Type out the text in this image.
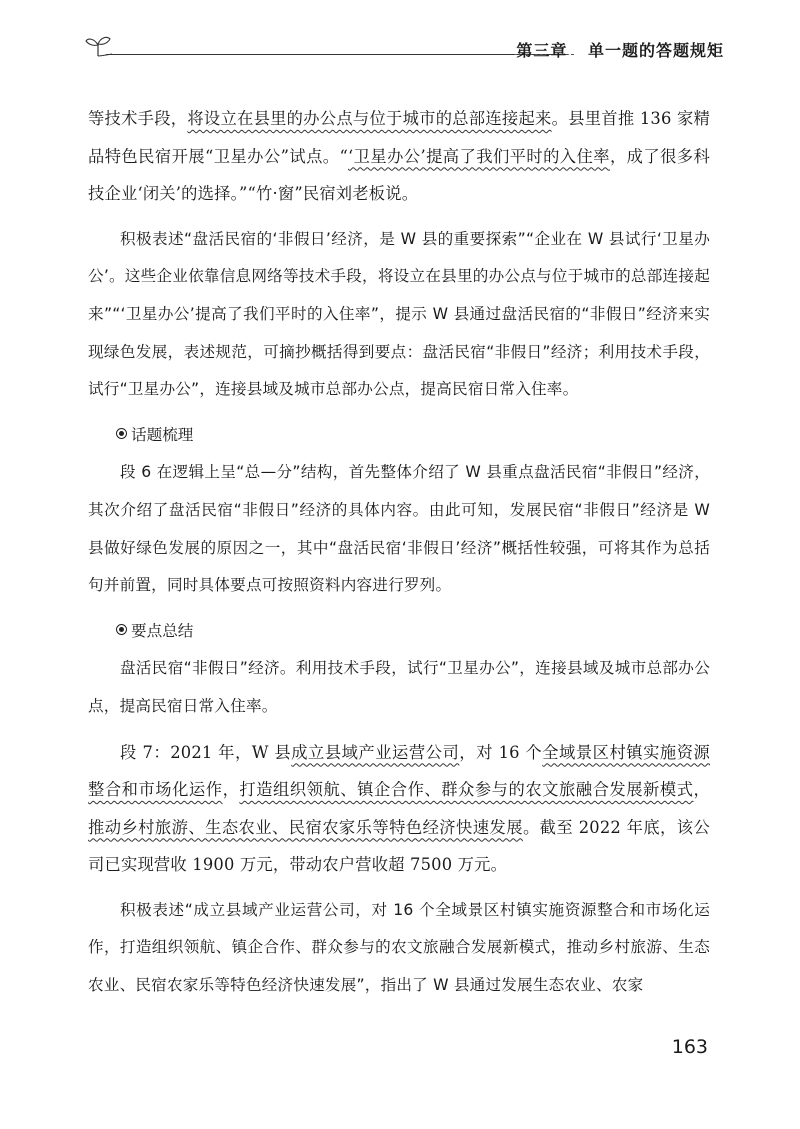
第三章 单一题的答题规矩

等技术手段，将设立在县里的办公点与位于城市的总部连接起来。县里首推 136 家精品特色民宿开展“卫星办公”试点。“‘卫星办公’提高了我们平时的入住率，成了很多科技企业‘闭关’的选择。”“竹·窗”民宿刘老板说。

积极表述“盘活民宿的‘非假日’经济，是 W 县的重要探索”“企业在 W 县试行‘卫星办公’。这些企业依靠信息网络等技术手段，将设立在县里的办公点与位于城市的总部连接起来”“‘卫星办公’提高了我们平时的入住率”，提示 W 县通过盘活民宿的“非假日”经济来实现绿色发展，表述规范，可摘抄概括得到要点：盘活民宿“非假日”经济；利用技术手段，试行“卫星办公”，连接县域及城市总部办公点，提高民宿日常入住率。

话题梳理

段 6 在逻辑上呈“总—分”结构，首先整体介绍了 W 县重点盘活民宿“非假日”经济，其次介绍了盘活民宿“非假日”经济的具体内容。由此可知，发展民宿“非假日”经济是 W 县做好绿色发展的原因之一，其中“盘活民宿‘非假日’经济”概括性较强，可将其作为总括句并前置，同时具体要点可按照资料内容进行罗列。

要点总结

盘活民宿“非假日”经济。利用技术手段，试行“卫星办公”，连接县域及城市总部办公点，提高民宿日常入住率。

段 7：2021 年，W 县成立县域产业运营公司，对 16 个全域景区村镇实施资源整合和市场化运作，打造组织领航、镇企合作、群众参与的农文旅融合发展新模式，推动乡村旅游、生态农业、民宿农家乐等特色经济快速发展。截至 2022 年底，该公司已实现营收 1900 万元，带动农户营收超 7500 万元。

积极表述“成立县域产业运营公司，对 16 个全域景区村镇实施资源整合和市场化运作，打造组织领航、镇企合作、群众参与的农文旅融合发展新模式，推动乡村旅游、生态农业、民宿农家乐等特色经济快速发展”，指出了 W 县通过发展生态农业、农家

163
